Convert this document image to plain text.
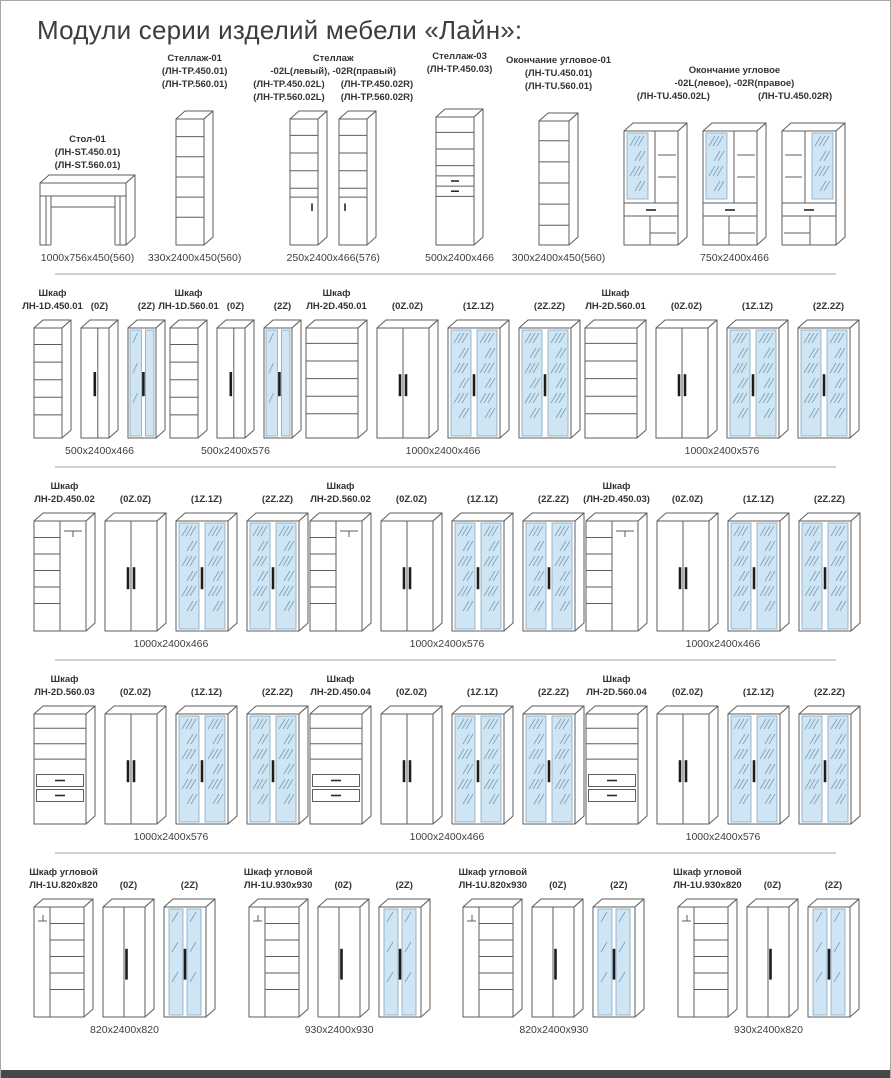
Модули серии изделий мебели «Лайн»:
Стол-01
(ЛН-ST.450.01)
(ЛН-ST.560.01)
1000x756x450(560)
Стеллаж-01
(ЛН-TP.450.01)
(ЛН-TP.560.01)
330x2400x450(560)
Стеллаж
-02L(левый), -02R(правый)
(ЛН-TP.450.02L)
(ЛН-TP.560.02L)
(ЛН-TP.450.02R)
(ЛН-TP.560.02R)
250x2400x466(576)
Стеллаж-03
(ЛН-TP.450.03)
500x2400x466
Окончание угловое-01
(ЛН-TU.450.01)
(ЛН-TU.560.01)
300x2400x450(560)
Окончание угловое
-02L(левое), -02R(правое)
(ЛН-TU.450.02L)	(ЛН-TU.450.02R)
750x2400x466
Шкаф
ЛН-1D.450.01 (0Z)	(2Z)
500x2400x466
Шкаф
ЛН-1D.560.01 (0Z)	(2Z)
500x2400x576
Шкаф
ЛН-2D.450.01	(0Z.0Z)	(1Z.1Z)	(2Z.2Z)
1000x2400x466
Шкаф
ЛН-2D.560.01	(0Z.0Z)	(1Z.1Z)	(2Z.2Z)
1000x2400x576
Шкаф
ЛН-2D.450.02	(0Z.0Z)	(1Z.1Z)	(2Z.2Z)
1000x2400x466
Шкаф
ЛН-2D.560.02	(0Z.0Z)	(1Z.1Z)	(2Z.2Z)
1000x2400x576
Шкаф
(ЛН-2D.450.03) (0Z.0Z)	(1Z.1Z)	(2Z.2Z)
1000x2400x466
Шкаф
ЛН-2D.560.03	(0Z.0Z)	(1Z.1Z)	(2Z.2Z)
1000x2400x576
Шкаф
ЛН-2D.450.04	(0Z.0Z)	(1Z.1Z)	(2Z.2Z)
1000x2400x466
Шкаф
ЛН-2D.560.04	(0Z.0Z)	(1Z.1Z)	(2Z.2Z)
1000x2400x576
Шкаф угловой
ЛН-1U.820x820 (0Z)	(2Z)
820x2400x820
Шкаф угловой
ЛН-1U.930x930 (0Z)	(2Z)
930x2400x930
Шкаф угловой
ЛН-1U.820x930 (0Z)	(2Z)
820x2400x930
Шкаф угловой
ЛН-1U.930x820 (0Z)	(2Z)
930x2400x820
